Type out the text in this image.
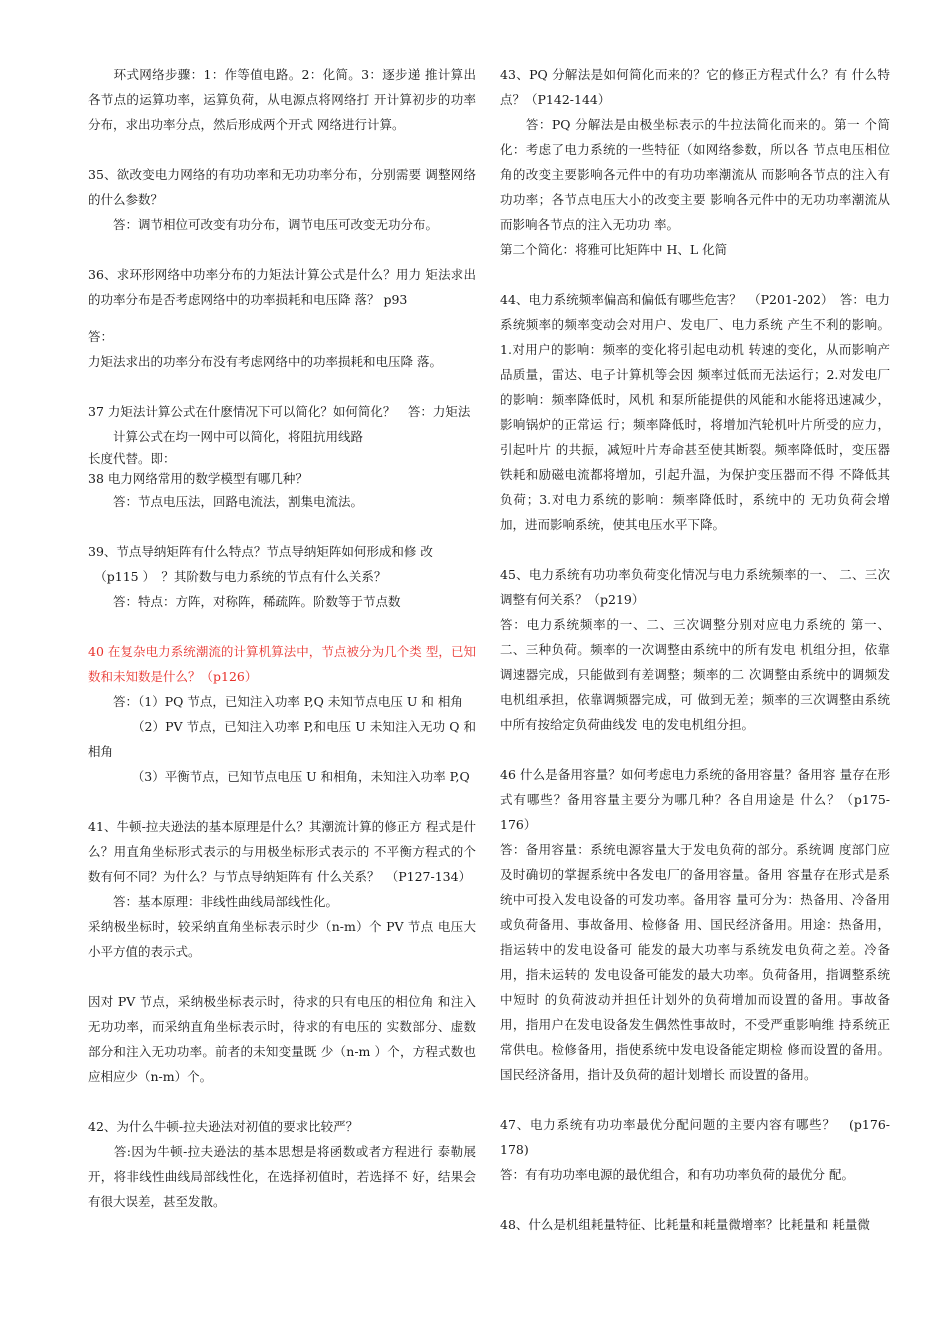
　　环式网络步骤：1：作等值电路。2：化简。3：逐步递 推计算出各节点的运算功率，运算负荷，从电源点将网络打 开计算初步的功率分布，求出功率分点，然后形成两个开式 网络进行计算。

35、欲改变电力网络的有功功率和无功功率分布，分别需要 调整网络的什么参数？

　　答：调节相位可改变有功分布，调节电压可改变无功分布。

36、求环形网络中功率分布的力矩法计算公式是什么？用力 矩法求出的功率分布是否考虑网络中的功率损耗和电压降 落？ p93

答：

力矩法求出的功率分布没有考虑网络中的功率损耗和电压降 落。

37 力矩法计算公式在什麽情况下可以简化？如何简化？　答：力矩法

　　计算公式在均一网中可以简化，将阻抗用线路

长度代替。即：

38 电力网络常用的数学模型有哪几种？

　　答：节点电压法，回路电流法，割集电流法。

39、节点导纳矩阵有什么特点？节点导纳矩阵如何形成和修 改

　（p115 ）　？其阶数与电力系统的节点有什么关系？

　　答：特点：方阵，对称阵，稀疏阵。阶数等于节点数

40 在复杂电力系统潮流的计算机算法中，节点被分为几个类 型，已知数和未知数是什么？（p126）

　　答：（1）PQ 节点，已知注入功率 P,Q 未知节点电压 U 和 相角

　　　　（2）PV 节点，已知注入功率 P,和电压 U 未知注入无功 Q 和相角

　　　　（3）平衡节点，已知节点电压 U 和相角，未知注入功率 P,Q

41、牛顿-拉夫逊法的基本原理是什么？其潮流计算的修正方 程式是什么？用直角坐标形式表示的与用极坐标形式表示的 不平衡方程式的个数有何不同？为什么？与节点导纳矩阵有 什么关系？　（P127-134）

　　答：基本原理：非线性曲线局部线性化。

采纳极坐标时，较采纳直角坐标表示时少（n-m）个 PV 节点 电压大小平方值的表示式。

因对 PV 节点，采纳极坐标表示时，待求的只有电压的相位角 和注入无功功率，而采纳直角坐标表示时，待求的有电压的 实数部分、虚数部分和注入无功功率。前者的未知变量既 少（n-m ）个，方程式数也应相应少（n-m）个。

42、为什么牛顿-拉夫逊法对初值的要求比较严？

　　答:因为牛顿-拉夫逊法的基本思想是将函数或者方程进行 泰勒展开，将非线性曲线局部线性化，在选择初值时，若选择不 好，结果会有很大误差，甚至发散。

43、PQ 分解法是如何简化而来的？它的修正方程式什么？有 什么特点？（P142-144）

　　答：PQ 分解法是由极坐标表示的牛拉法简化而来的。第一 个简化：考虑了电力系统的一些特征（如网络参数，所以各 节点电压相位角的改变主要影响各元件中的有功功率潮流从 而影响各节点的注入有功功率；各节点电压大小的改变主要 影响各元件中的无功功率潮流从而影响各节点的注入无功功 率。

第二个简化：将雅可比矩阵中 H、L 化简

44、电力系统频率偏高和偏低有哪些危害？　（P201-202）　答：电力系统频率的频率变动会对用户、发电厂、电力系统 产生不利的影响。1.对用户的影响：频率的变化将引起电动机 转速的变化，从而影响产品质量，雷达、电子计算机等会因 频率过低而无法运行；2.对发电厂的影响：频率降低时，风机 和泵所能提供的风能和水能将迅速减少，影响锅炉的正常运 行；频率降低时，将增加汽轮机叶片所受的应力，引起叶片 的共振，减短叶片寿命甚至使其断裂。频率降低时，变压器 铁耗和励磁电流都将增加，引起升温，为保护变压器而不得 不降低其负荷；3.对电力系统的影响：频率降低时，系统中的 无功负荷会增加，进而影响系统，使其电压水平下降。

45、电力系统有功功率负荷变化情况与电力系统频率的一、 二、三次调整有何关系？（p219）

答：电力系统频率的一、二、三次调整分别对应电力系统的 第一、二、三种负荷。频率的一次调整由系统中的所有发电 机组分担，依靠调速器完成，只能做到有差调整；频率的二 次调整由系统中的调频发电机组承担，依靠调频器完成，可 做到无差；频率的三次调整由系统中所有按给定负荷曲线发 电的发电机组分担。

46 什么是备用容量？如何考虑电力系统的备用容量？备用容 量存在形式有哪些？备用容量主要分为哪几种？各自用途是 什么？（p175-176）

答：备用容量：系统电源容量大于发电负荷的部分。系统调 度部门应及时确切的掌握系统中各发电厂的备用容量。备用 容量存在形式是系统中可投入发电设备的可发功率。备用容 量可分为：热备用、冷备用或负荷备用、事故备用、检修备 用、国民经济备用。用途：热备用，指运转中的发电设备可 能发的最大功率与系统发电负荷之差。冷备用，指未运转的 发电设备可能发的最大功率。负荷备用，指调整系统中短时 的负荷波动并担任计划外的负荷增加而设置的备用。事故备 用，指用户在发电设备发生偶然性事故时，不受严重影响维 持系统正常供电。检修备用，指使系统中发电设备能定期检 修而设置的备用。国民经济备用，指计及负荷的超计划增长 而设置的备用。

47、电力系统有功功率最优分配问题的主要内容有哪些？　(p176-178)

答：有有功功率电源的最优组合，和有功功率负荷的最优分 配。

48、什么是机组耗量特征、比耗量和耗量微增率？比耗量和 耗量微
